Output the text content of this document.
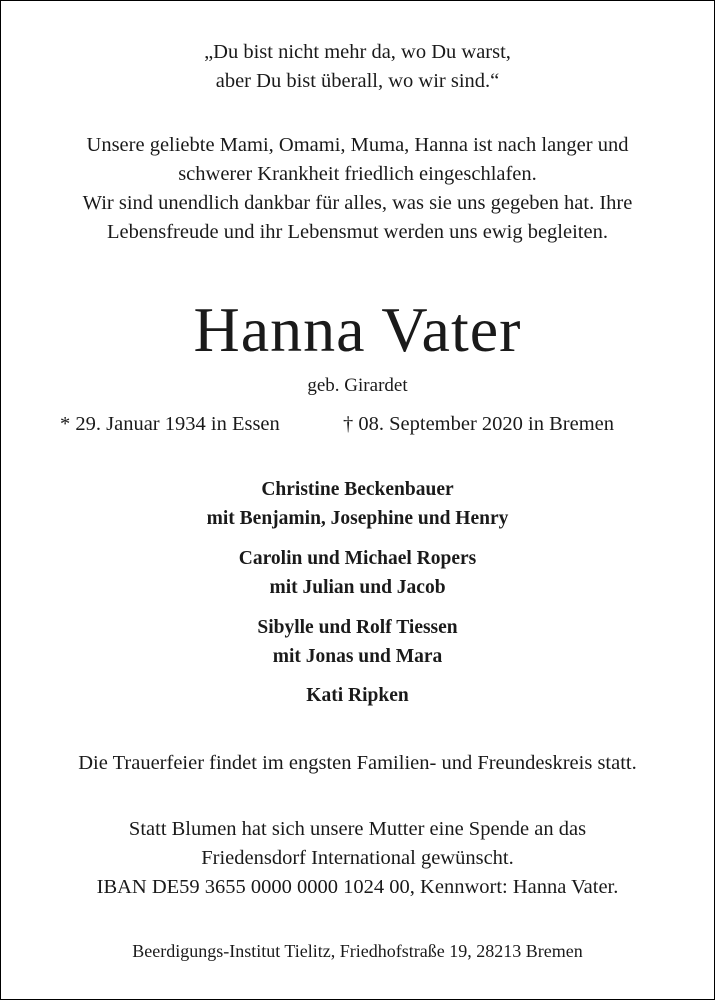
„Du bist nicht mehr da, wo Du warst,
aber Du bist überall, wo wir sind.“
Unsere geliebte Mami, Omami, Muma, Hanna ist nach langer und
schwerer Krankheit friedlich eingeschlafen.
Wir sind unendlich dankbar für alles, was sie uns gegeben hat. Ihre
Lebensfreude und ihr Lebensmut werden uns ewig begleiten.
Hanna Vater
geb. Girardet
* 29. Januar 1934 in Essen	† 08. September 2020 in Bremen
Christine Beckenbauer
mit Benjamin, Josephine und Henry
Carolin und Michael Ropers
mit Julian und Jacob
Sibylle und Rolf Tiessen
mit Jonas und Mara
Kati Ripken
Die Trauerfeier findet im engsten Familien- und Freundeskreis statt.
Statt Blumen hat sich unsere Mutter eine Spende an das
Friedensdorf International gewünscht.
IBAN DE59 3655 0000 0000 1024 00, Kennwort: Hanna Vater.
Beerdigungs-Institut Tielitz, Friedhofstraße 19, 28213 Bremen
